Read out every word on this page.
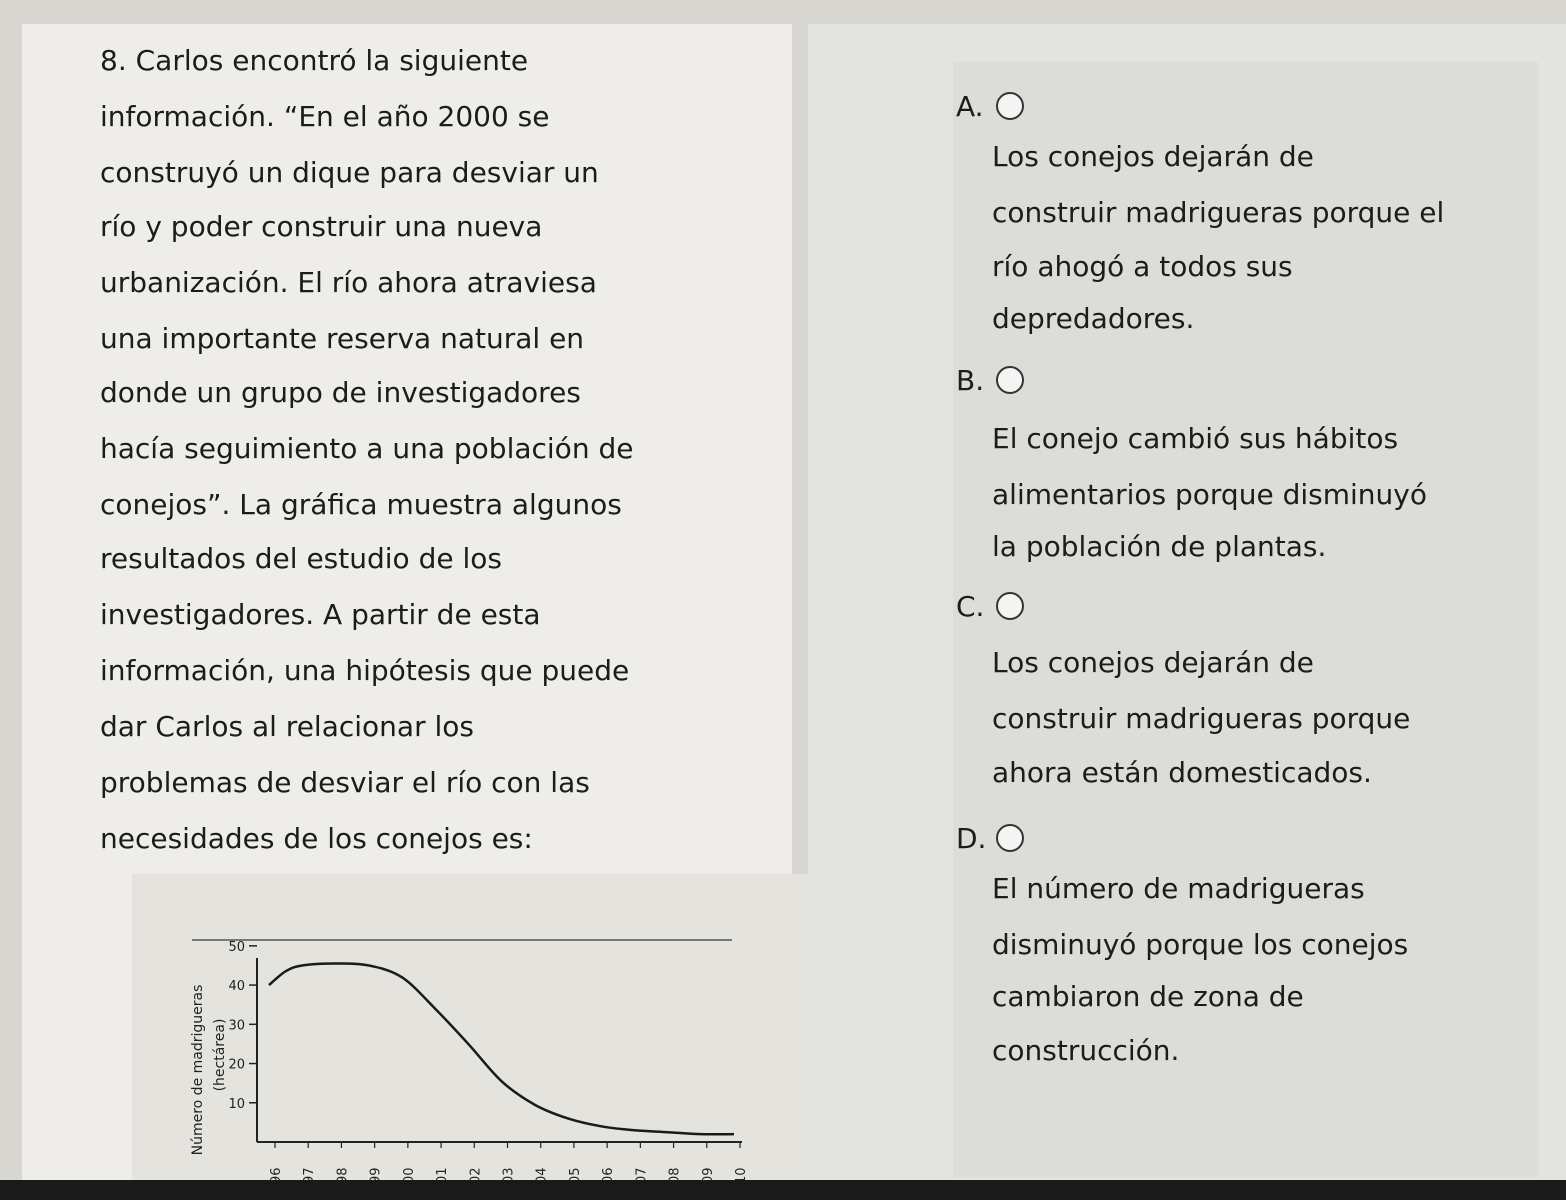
8. Carlos encontró la siguiente
información. “En el año 2000 se
construyó un dique para desviar un
río y poder construir una nueva
urbanización. El río ahora atraviesa
una importante reserva natural en
donde un grupo de investigadores
hacía seguimiento a una población de
conejos”. La gráfica muestra algunos
resultados del estudio de los
investigadores. A partir de esta
información, una hipótesis que puede
dar Carlos al relacionar los
problemas de desviar el río con las
necesidades de los conejos es:
10
20
30
40
50
Número de madrigueras (hectárea)
A.
Los conejos dejarán de
construir madrigueras porque el
río ahogó a todos sus
depredadores.
B.
El conejo cambió sus hábitos
alimentarios porque disminuyó
la población de plantas.
C.
Los conejos dejarán de
construir madrigueras porque
ahora están domesticados.
D.
El número de madrigueras
disminuyó porque los conejos
cambiaron de zona de
construcción.
